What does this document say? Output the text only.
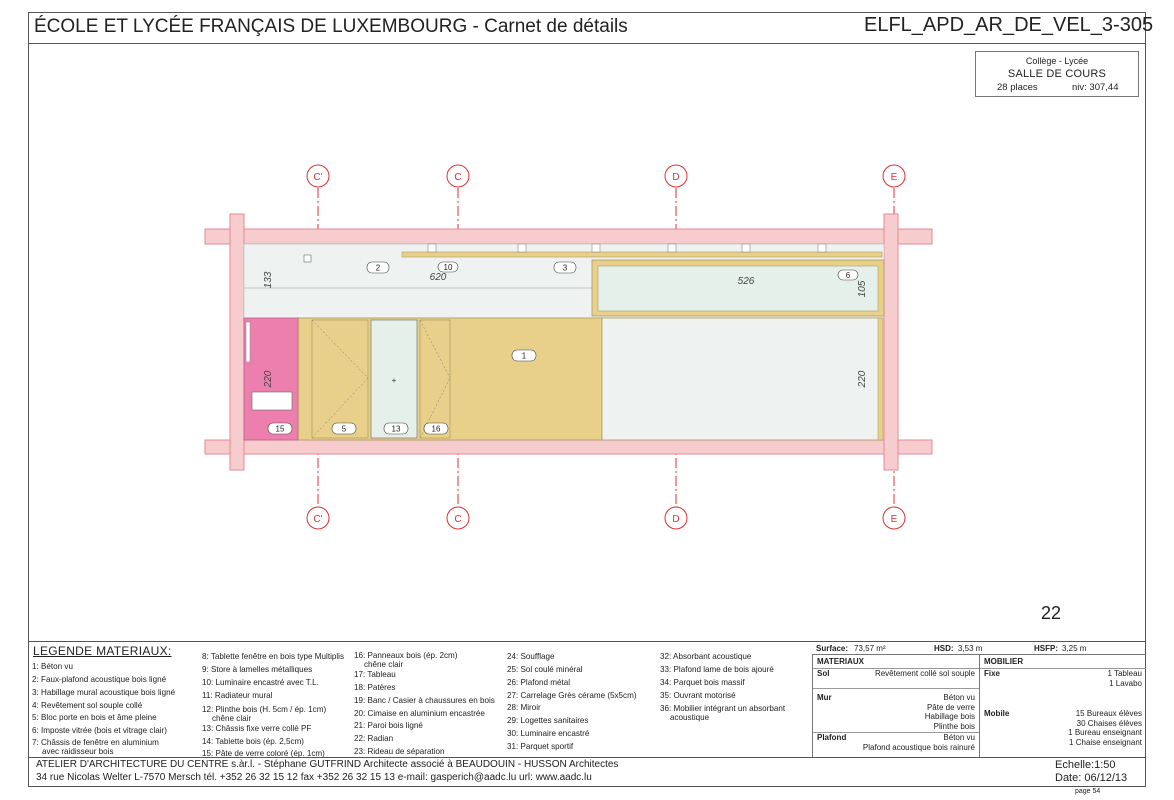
ÉCOLE ET LYCÉE FRANÇAIS DE LUXEMBOURG - Carnet de détails	ELFL_APD_AR_DE_VEL_3-305
Collège - Lycée
SALLE DE COURS
28 places	niv: 307,44
+
C'	C	D	E
C'	C	D	E
133	620	526	105
220	220
2	10	3
6
1
15	5	13	16
22
LEGENDE MATERIAUX:
1: Béton vu
2: Faux-plafond acoustique bois ligné
3: Habillage mural acoustique bois ligné
4: Revêtement sol souple collé
5: Bloc porte en bois et âme pleine
6: Imposte vitrée (bois et vitrage clair)
7: Châssis de fenêtre en aluminium
avec raidisseur bois
8: Tablette fenêtre en bois type Multiplis
9: Store à lamelles métalliques
10: Luminaire encastré avec T.L.
11: Radiateur mural
12: Plinthe bois (H. 5cm / ép. 1cm)
chêne clair
13: Châssis fixe verre collé PF
14: Tablette bois (ép. 2,5cm)
15: Pâte de verre coloré (ép. 1cm)
16: Panneaux bois (ép. 2cm)
chêne clair
17: Tableau
18: Patères
19: Banc / Casier à chaussures en bois
20: Cimaise en aluminium encastrée
21: Paroi bois ligné
22: Radian
23: Rideau de séparation
24: Soufflage
25: Sol coulé minéral
26: Plafond métal
27: Carrelage Grès cérame (5x5cm)
28: Miroir
29: Logettes sanitaires
30: Luminaire encastré
31: Parquet sportif
32: Absorbant acoustique
33: Plafond lame de bois ajouré
34: Parquet bois massif
35: Ouvrant motorisé
36: Mobilier intégrant un absorbant
acoustique
Surface: 73,57 m²	HSD: 3,53 m	HSFP: 3,25 m
MATERIAUX
Sol	Revêtement collé sol souple
Mur	Béton vu
Pâte de verre
Habillage bois
Plinthe bois
Plafond	Béton vu
Plafond acoustique bois rainuré
MOBILIER
Fixe	1 Tableau
1 Lavabo
Mobile	15 Bureaux élèves
30 Chaises élèves
1 Bureau enseignant
1 Chaise enseignant
ATELIER D'ARCHITECTURE DU CENTRE s.àr.l. - Stéphane GUTFRIND Architecte associé à BEAUDOUIN - HUSSON Architectes
34 rue Nicolas Welter L-7570 Mersch tél. +352 26 32 15 12 fax +352 26 32 15 13 e-mail: gasperich@aadc.lu url: www.aadc.lu
Echelle:1:50
Date: 06/12/13
page 54
